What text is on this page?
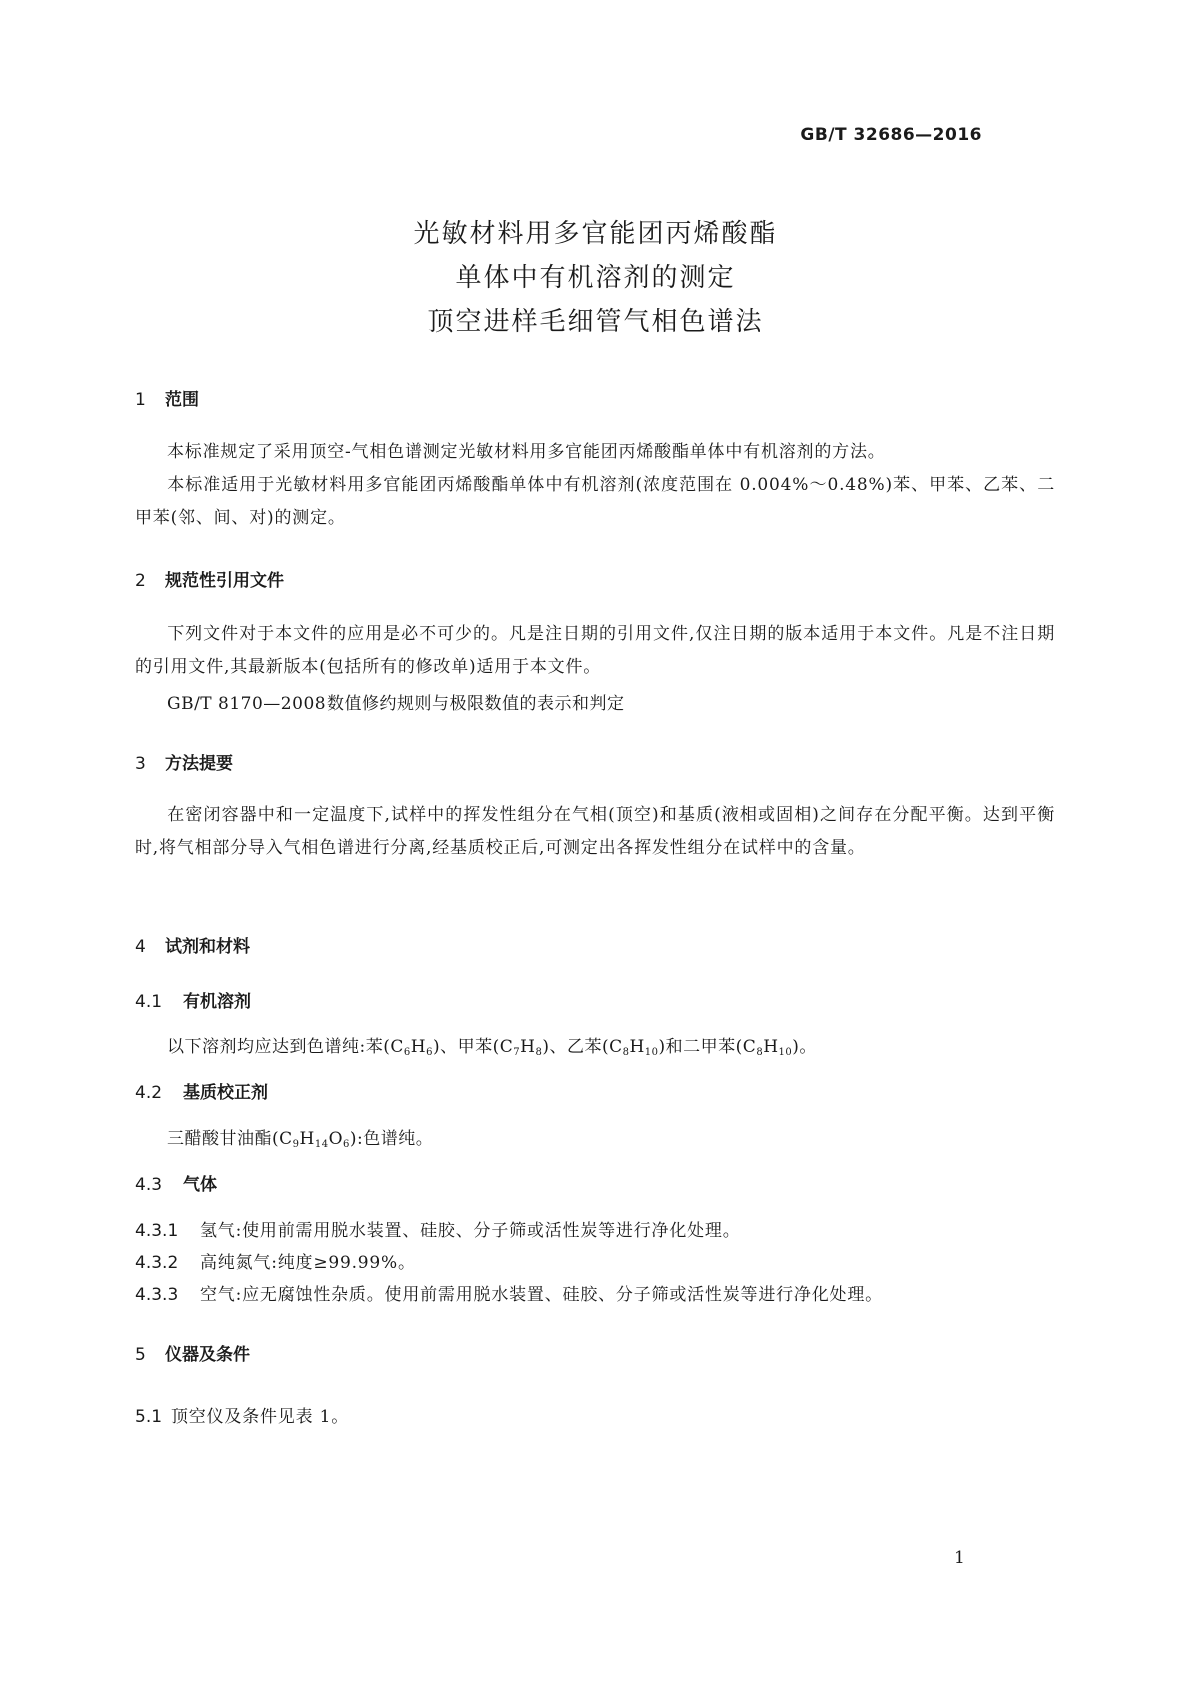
GB/T 32686—2016
光敏材料用多官能团丙烯酸酯
单体中有机溶剂的测定
顶空进样毛细管气相色谱法
1 范围
本标准规定了采用顶空-气相色谱测定光敏材料用多官能团丙烯酸酯单体中有机溶剂的方法。
本标准适用于光敏材料用多官能团丙烯酸酯单体中有机溶剂(浓度范围在 0.004%～0.48%)苯、甲苯、乙苯、二甲苯(邻、间、对)的测定。
2 规范性引用文件
下列文件对于本文件的应用是必不可少的。凡是注日期的引用文件,仅注日期的版本适用于本文件。凡是不注日期的引用文件,其最新版本(包括所有的修改单)适用于本文件。
GB/T 8170—2008数值修约规则与极限数值的表示和判定
3 方法提要
在密闭容器中和一定温度下,试样中的挥发性组分在气相(顶空)和基质(液相或固相)之间存在分配平衡。达到平衡时,将气相部分导入气相色谱进行分离,经基质校正后,可测定出各挥发性组分在试样中的含量。
4 试剂和材料
4.1 有机溶剂
以下溶剂均应达到色谱纯:苯$(C_6H_6)$、甲苯$(C_7H_8)$、乙苯$(C_8H_{10})$和二甲苯$(C_8H_{10})$。
4.2 基质校正剂
三醋酸甘油酯$(C_9H_{14}O_6)$:色谱纯。
4.3 气体
4.3.1 氢气:使用前需用脱水装置、硅胶、分子筛或活性炭等进行净化处理。
4.3.2 高纯氮气:纯度≥99.99%。
4.3.3 空气:应无腐蚀性杂质。使用前需用脱水装置、硅胶、分子筛或活性炭等进行净化处理。
5 仪器及条件
5.1 顶空仪及条件见表 1。
1
